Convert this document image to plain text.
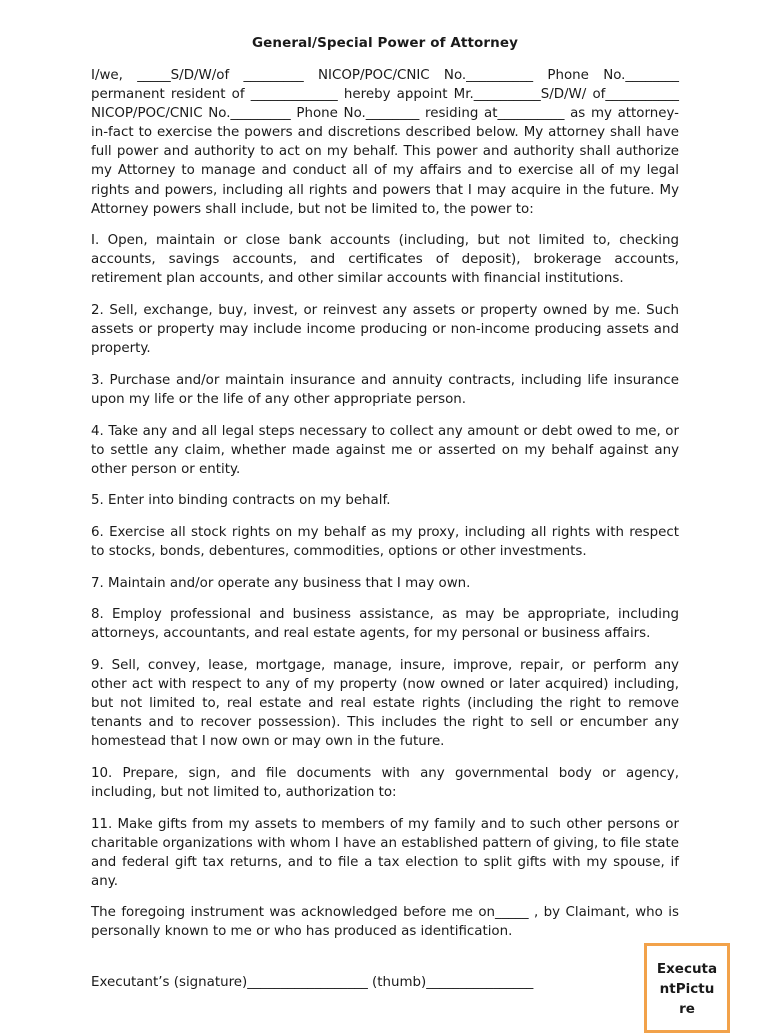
General/Special Power of Attorney

I/we, _____S/D/W/of _________ NICOP/POC/CNIC No.__________ Phone No.________ permanent resident of _____________ hereby appoint Mr.__________S/D/W/ of___________ NICOP/POC/CNIC No._________ Phone No.________ residing at__________ as my attorney-in-fact to exercise the powers and discretions described below. My attorney shall have full power and authority to act on my behalf. This power and authority shall authorize my Attorney to manage and conduct all of my affairs and to exercise all of my legal rights and powers, including all rights and powers that I may acquire in the future. My Attorney powers shall include, but not be limited to, the power to:

I. Open, maintain or close bank accounts (including, but not limited to, checking accounts, savings accounts, and certificates of deposit), brokerage accounts, retirement plan accounts, and other similar accounts with financial institutions.

2. Sell, exchange, buy, invest, or reinvest any assets or property owned by me. Such assets or property may include income producing or non-income producing assets and property.

3. Purchase and/or maintain insurance and annuity contracts, including life insurance upon my life or the life of any other appropriate person.

4. Take any and all legal steps necessary to collect any amount or debt owed to me, or to settle any claim, whether made against me or asserted on my behalf against any other person or entity.

5. Enter into binding contracts on my behalf.

6. Exercise all stock rights on my behalf as my proxy, including all rights with respect to stocks, bonds, debentures, commodities, options or other investments.

7. Maintain and/or operate any business that I may own.

8. Employ professional and business assistance, as may be appropriate, including attorneys, accountants, and real estate agents, for my personal or business affairs.

9. Sell, convey, lease, mortgage, manage, insure, improve, repair, or perform any other act with respect to any of my property (now owned or later acquired) including, but not limited to, real estate and real estate rights (including the right to remove tenants and to recover possession). This includes the right to sell or encumber any homestead that I now own or may own in the future.

10. Prepare, sign, and file documents with any governmental body or agency, including, but not limited to, authorization to:

11. Make gifts from my assets to members of my family and to such other persons or charitable organizations with whom I have an established pattern of giving, to file state and federal gift tax returns, and to file a tax election to split gifts with my spouse, if any.

The foregoing instrument was acknowledged before me on_____ , by Claimant, who is personally known to me or who has produced as identification.

Executant’s (signature)__________________ (thumb)________________
Executa
ntPictu
re
